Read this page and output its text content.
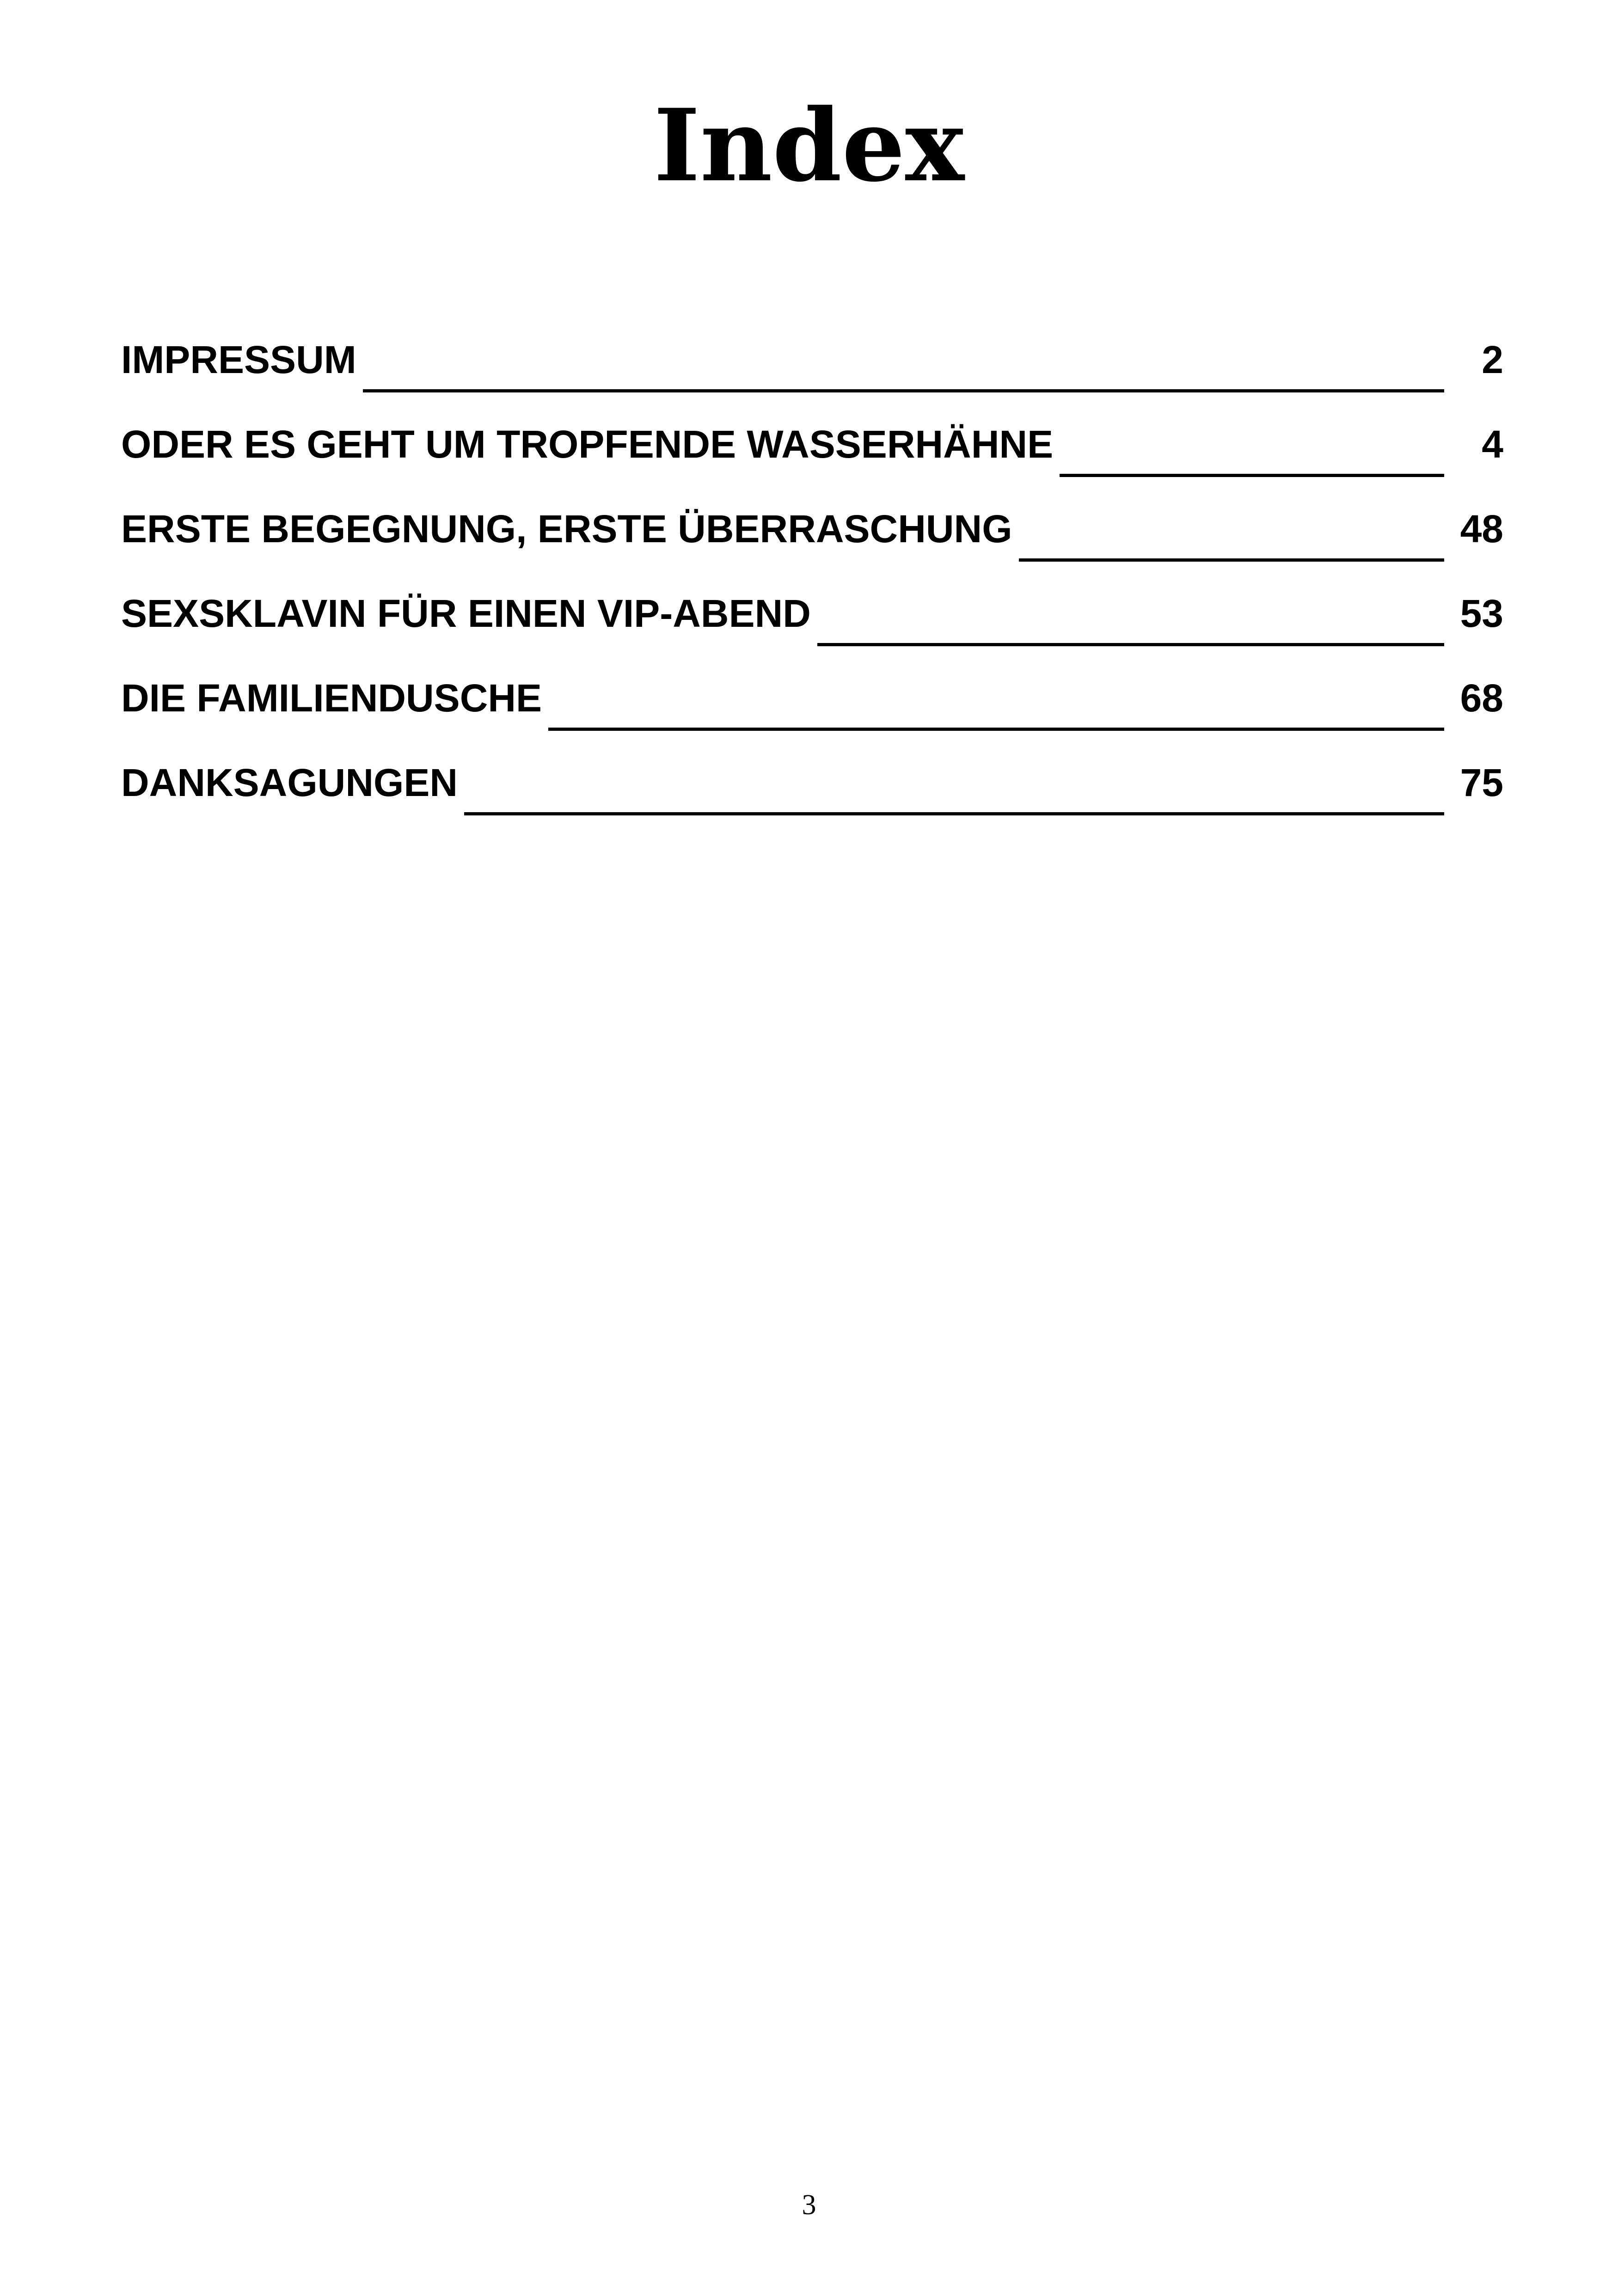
Index
IMPRESSUM	2
ODER ES GEHT UM TROPFENDE WASSERHÄHNE	4
ERSTE BEGEGNUNG, ERSTE ÜBERRASCHUNG	48
SEXSKLAVIN FÜR EINEN VIP-ABEND	53
DIE FAMILIENDUSCHE	68
DANKSAGUNGEN	75
3
